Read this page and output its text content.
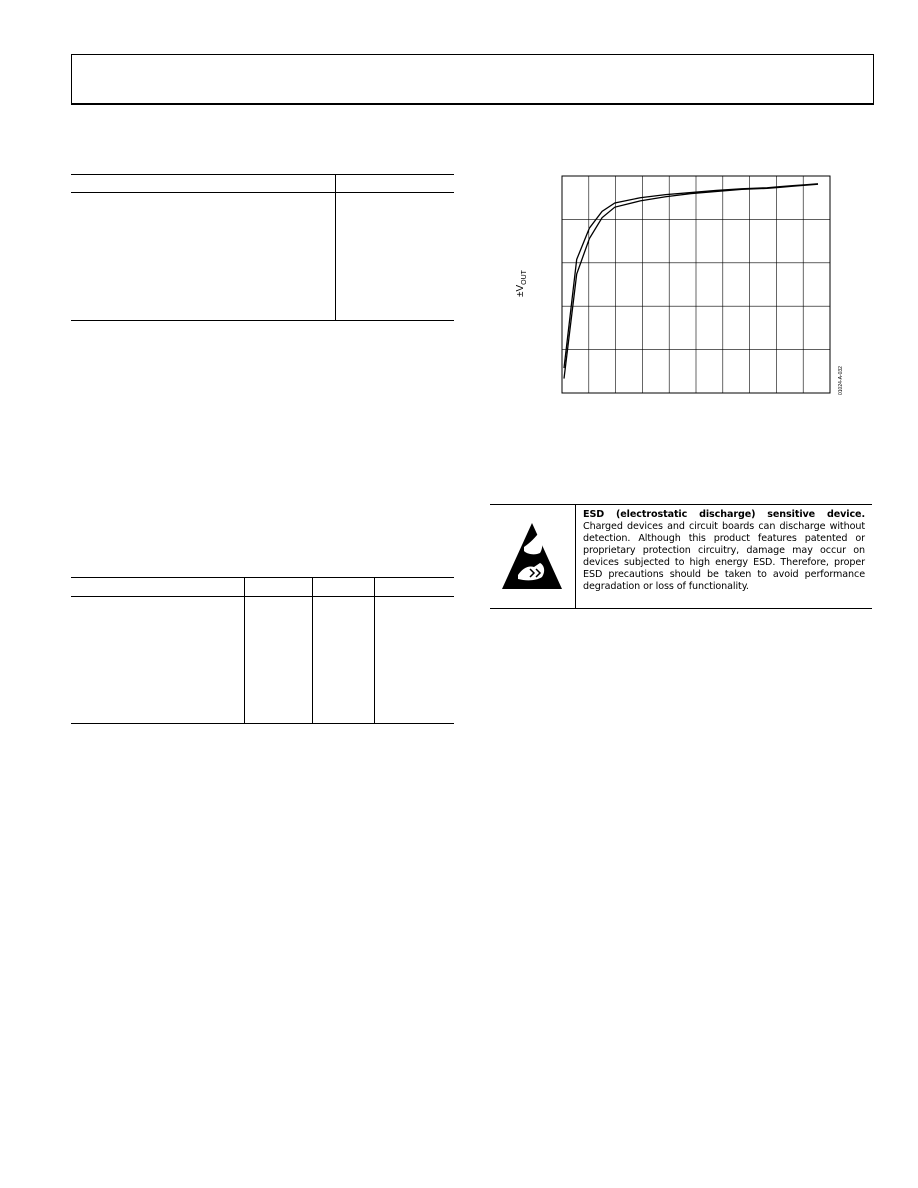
$\pm V_{OUT}$
01024-A-032
ESD (electrostatic discharge) sensitive device. Charged devices and circuit boards can discharge without detection. Although this product features patented or proprietary protection circuitry, damage may occur on devices subjected to high energy ESD. Therefore, proper ESD precautions should be taken to avoid performance degradation or loss of functionality.
